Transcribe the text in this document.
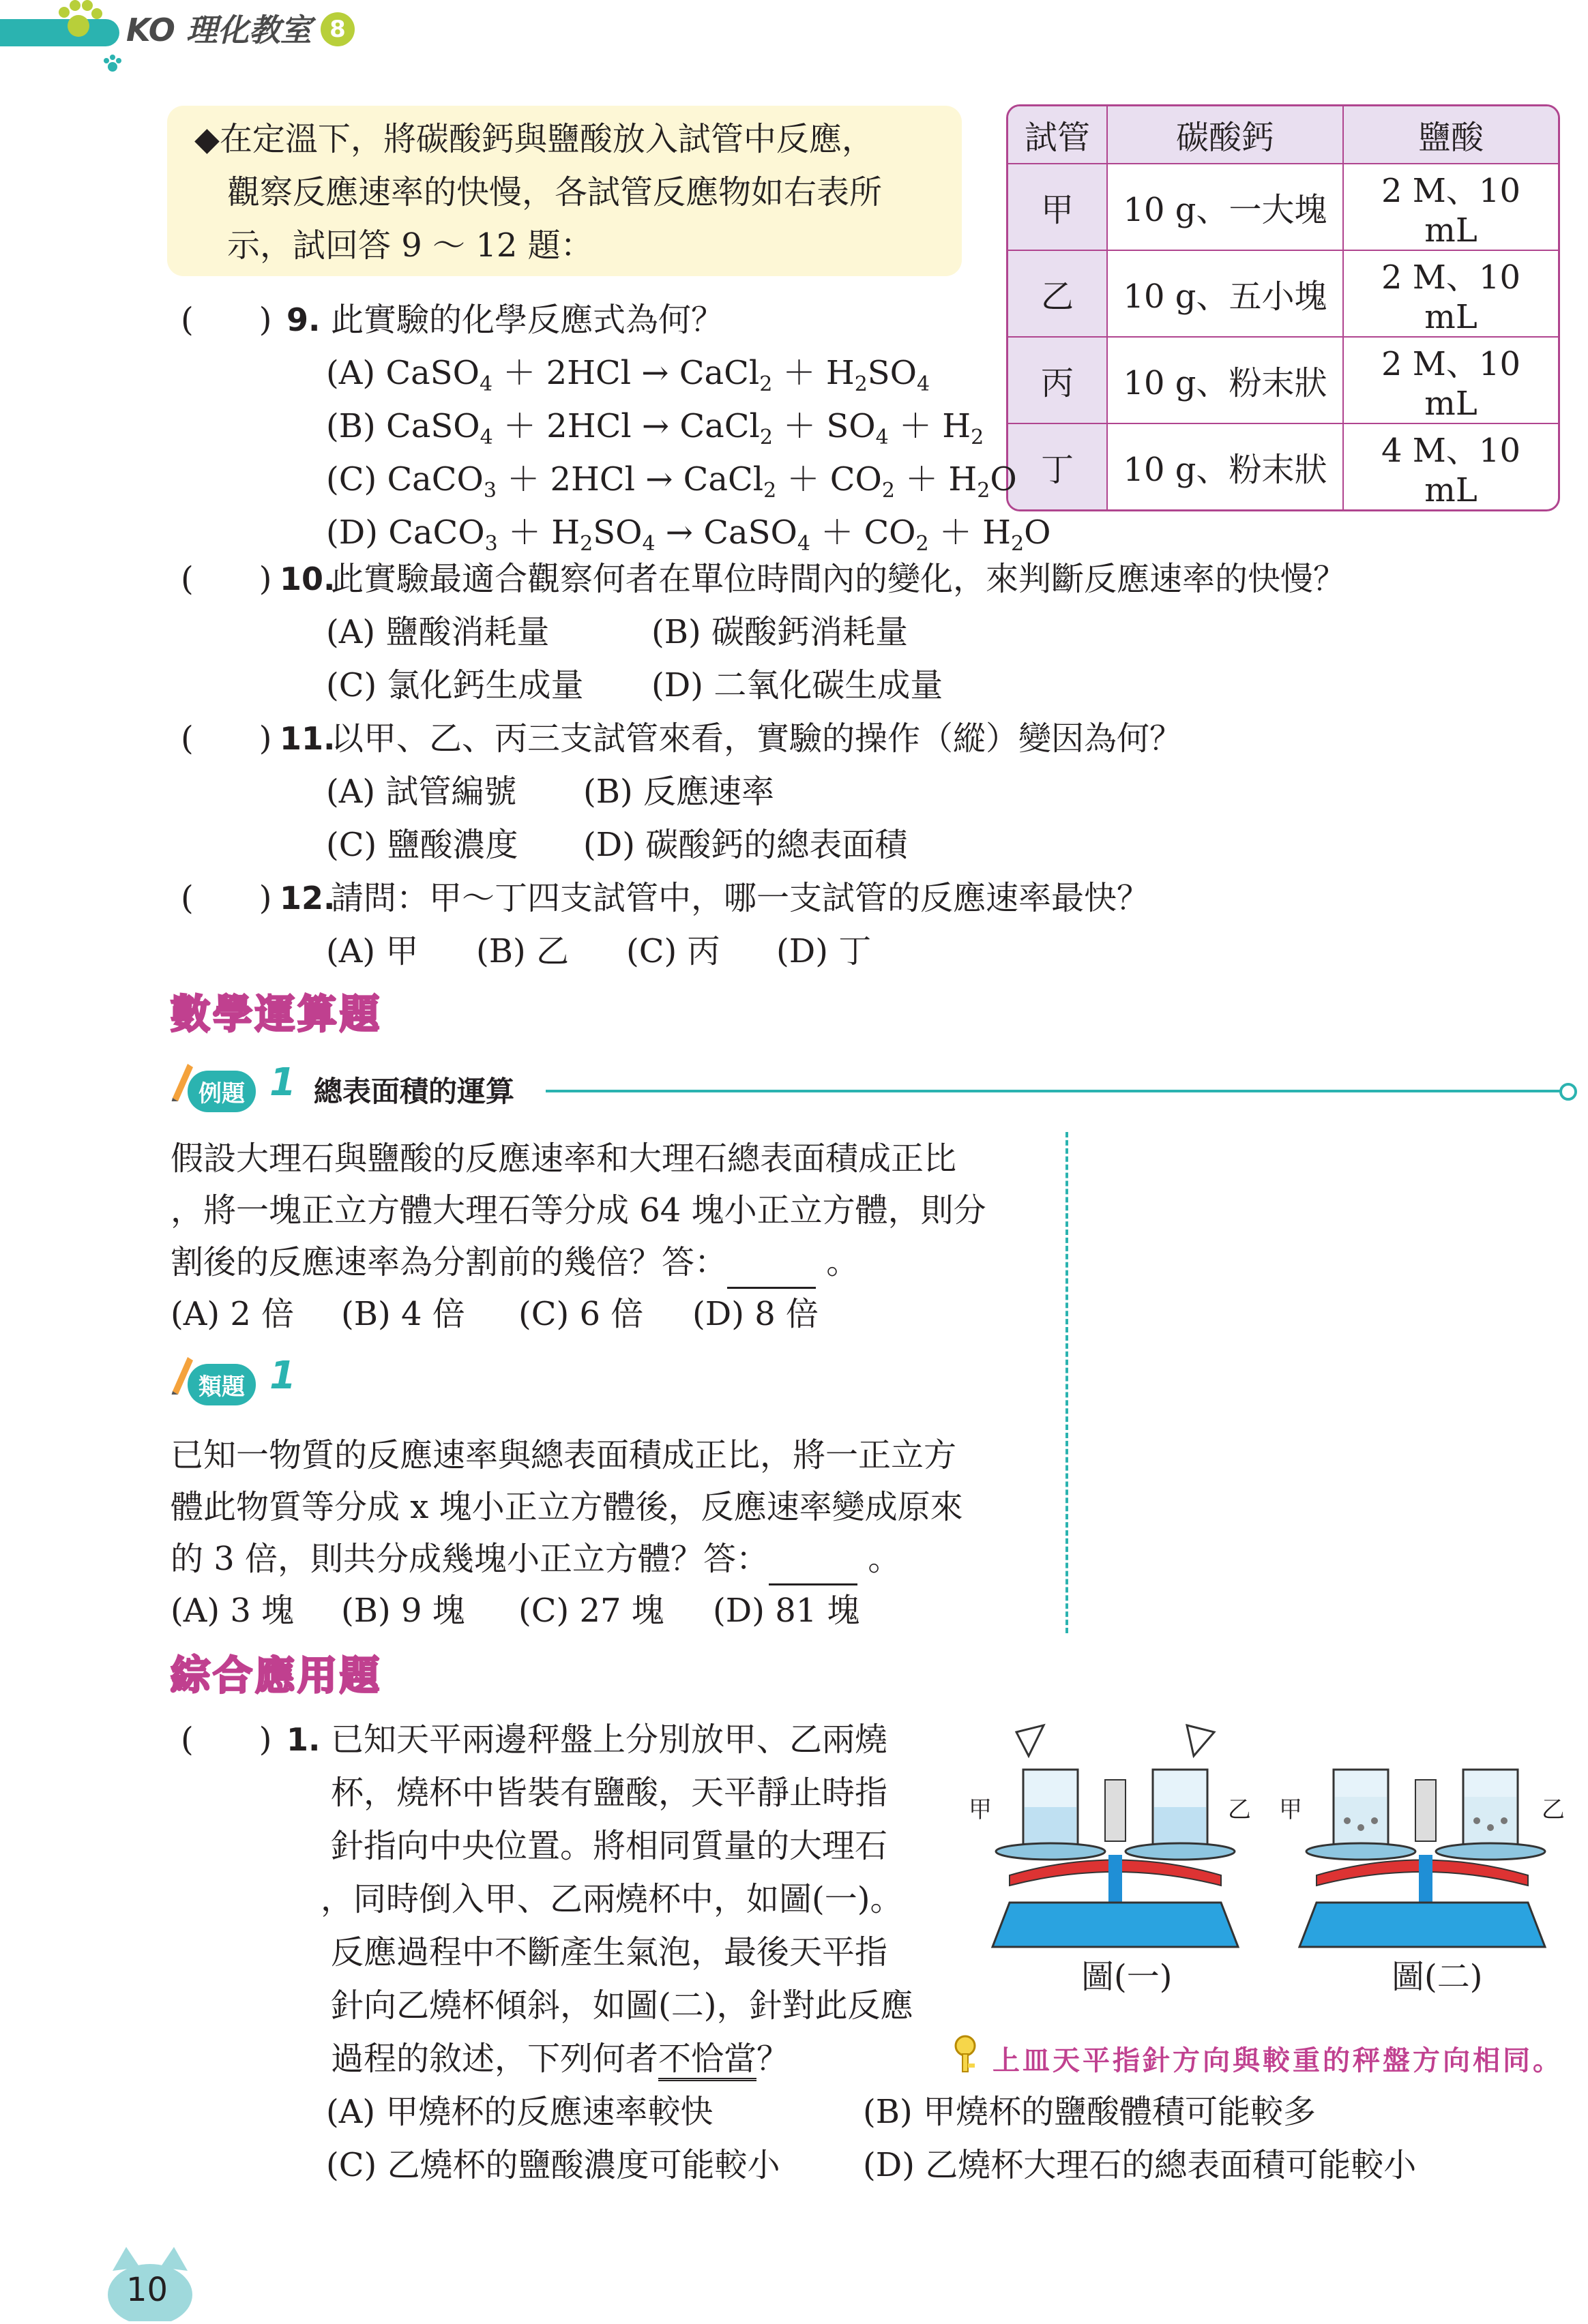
KO 理化教室 8
◆在定溫下，將碳酸鈣與鹽酸放入試管中反應，
觀察反應速率的快慢，各試管反應物如右表所
示，試回答 9 ～ 12 題：
試管	碳酸鈣	鹽酸
甲	10 g、一大塊	2 M、10 mL
乙	10 g、五小塊	2 M、10 mL
丙	10 g、粉末狀	2 M、10 mL
丁	10 g、粉末狀	4 M、10 mL
(　　) 9. 此實驗的化學反應式為何？
(A) CaSO$_4$ ＋ 2HCl → CaCl$_2$ ＋ $H_2SO_4$
(B) CaSO$_4$ ＋ 2HCl → CaCl$_2$ ＋ $SO_4 + H_2$
(C) CaCO$_3$ ＋ 2HCl → CaCl$_2$ ＋ $CO_2 + H_2O$
(D) CaCO$_3$ ＋ $H_2SO_4$ → CaSO$_4$ ＋ $CO_2 + H_2O$
(　　) 10.
此實驗最適合觀察何者在單位時間內的變化，來判斷反應速率的快慢？
(A) 鹽酸消耗量	(B) 碳酸鈣消耗量
(C) 氯化鈣生成量 (D) 二氧化碳生成量
(　　) 11.
以甲、乙、丙三支試管來看，實驗的操作（縱）變因為何？
(A) 試管編號 (B) 反應速率
(C) 鹽酸濃度 (D) 碳酸鈣的總表面積
(　　) 12.
請問：甲～丁四支試管中，哪一支試管的反應速率最快？
(A) 甲 (B) 乙 (C) 丙 (D) 丁
數學運算題
例題 1 總表面積的運算
假設大理石與鹽酸的反應速率和大理石總表面積成正比
，將一塊正立方體大理石等分成 64 塊小正立方體，則分
割後的反應速率為分割前的幾倍？答：	。
(A) 2 倍 (B) 4 倍 (C) 6 倍 (D) 8 倍
類題 1
已知一物質的反應速率與總表面積成正比，將一正立方
體此物質等分成 x 塊小正立方體後，反應速率變成原來
的 3 倍，則共分成幾塊小正立方體？答：	。
(A) 3 塊 (B) 9 塊 (C) 27 塊 (D) 81 塊
綜合應用題
(　　) 1. 已知天平兩邊秤盤上分別放甲、乙兩燒
杯，燒杯中皆裝有鹽酸，天平靜止時指
針指向中央位置。將相同質量的大理石
，同時倒入甲、乙兩燒杯中，如圖(一)。
反應過程中不斷產生氣泡，最後天平指
針向乙燒杯傾斜，如圖(二)，針對此反應
過程的敘述，下列何者不恰當？
(A) 甲燒杯的反應速率較快	(B) 甲燒杯的鹽酸體積可能較多
(C) 乙燒杯的鹽酸濃度可能較小	(D) 乙燒杯大理石的總表面積可能較小
甲	乙
圖(一)
甲	乙
圖(二)
上皿天平指針方向與較重的秤盤方向相同。
10
